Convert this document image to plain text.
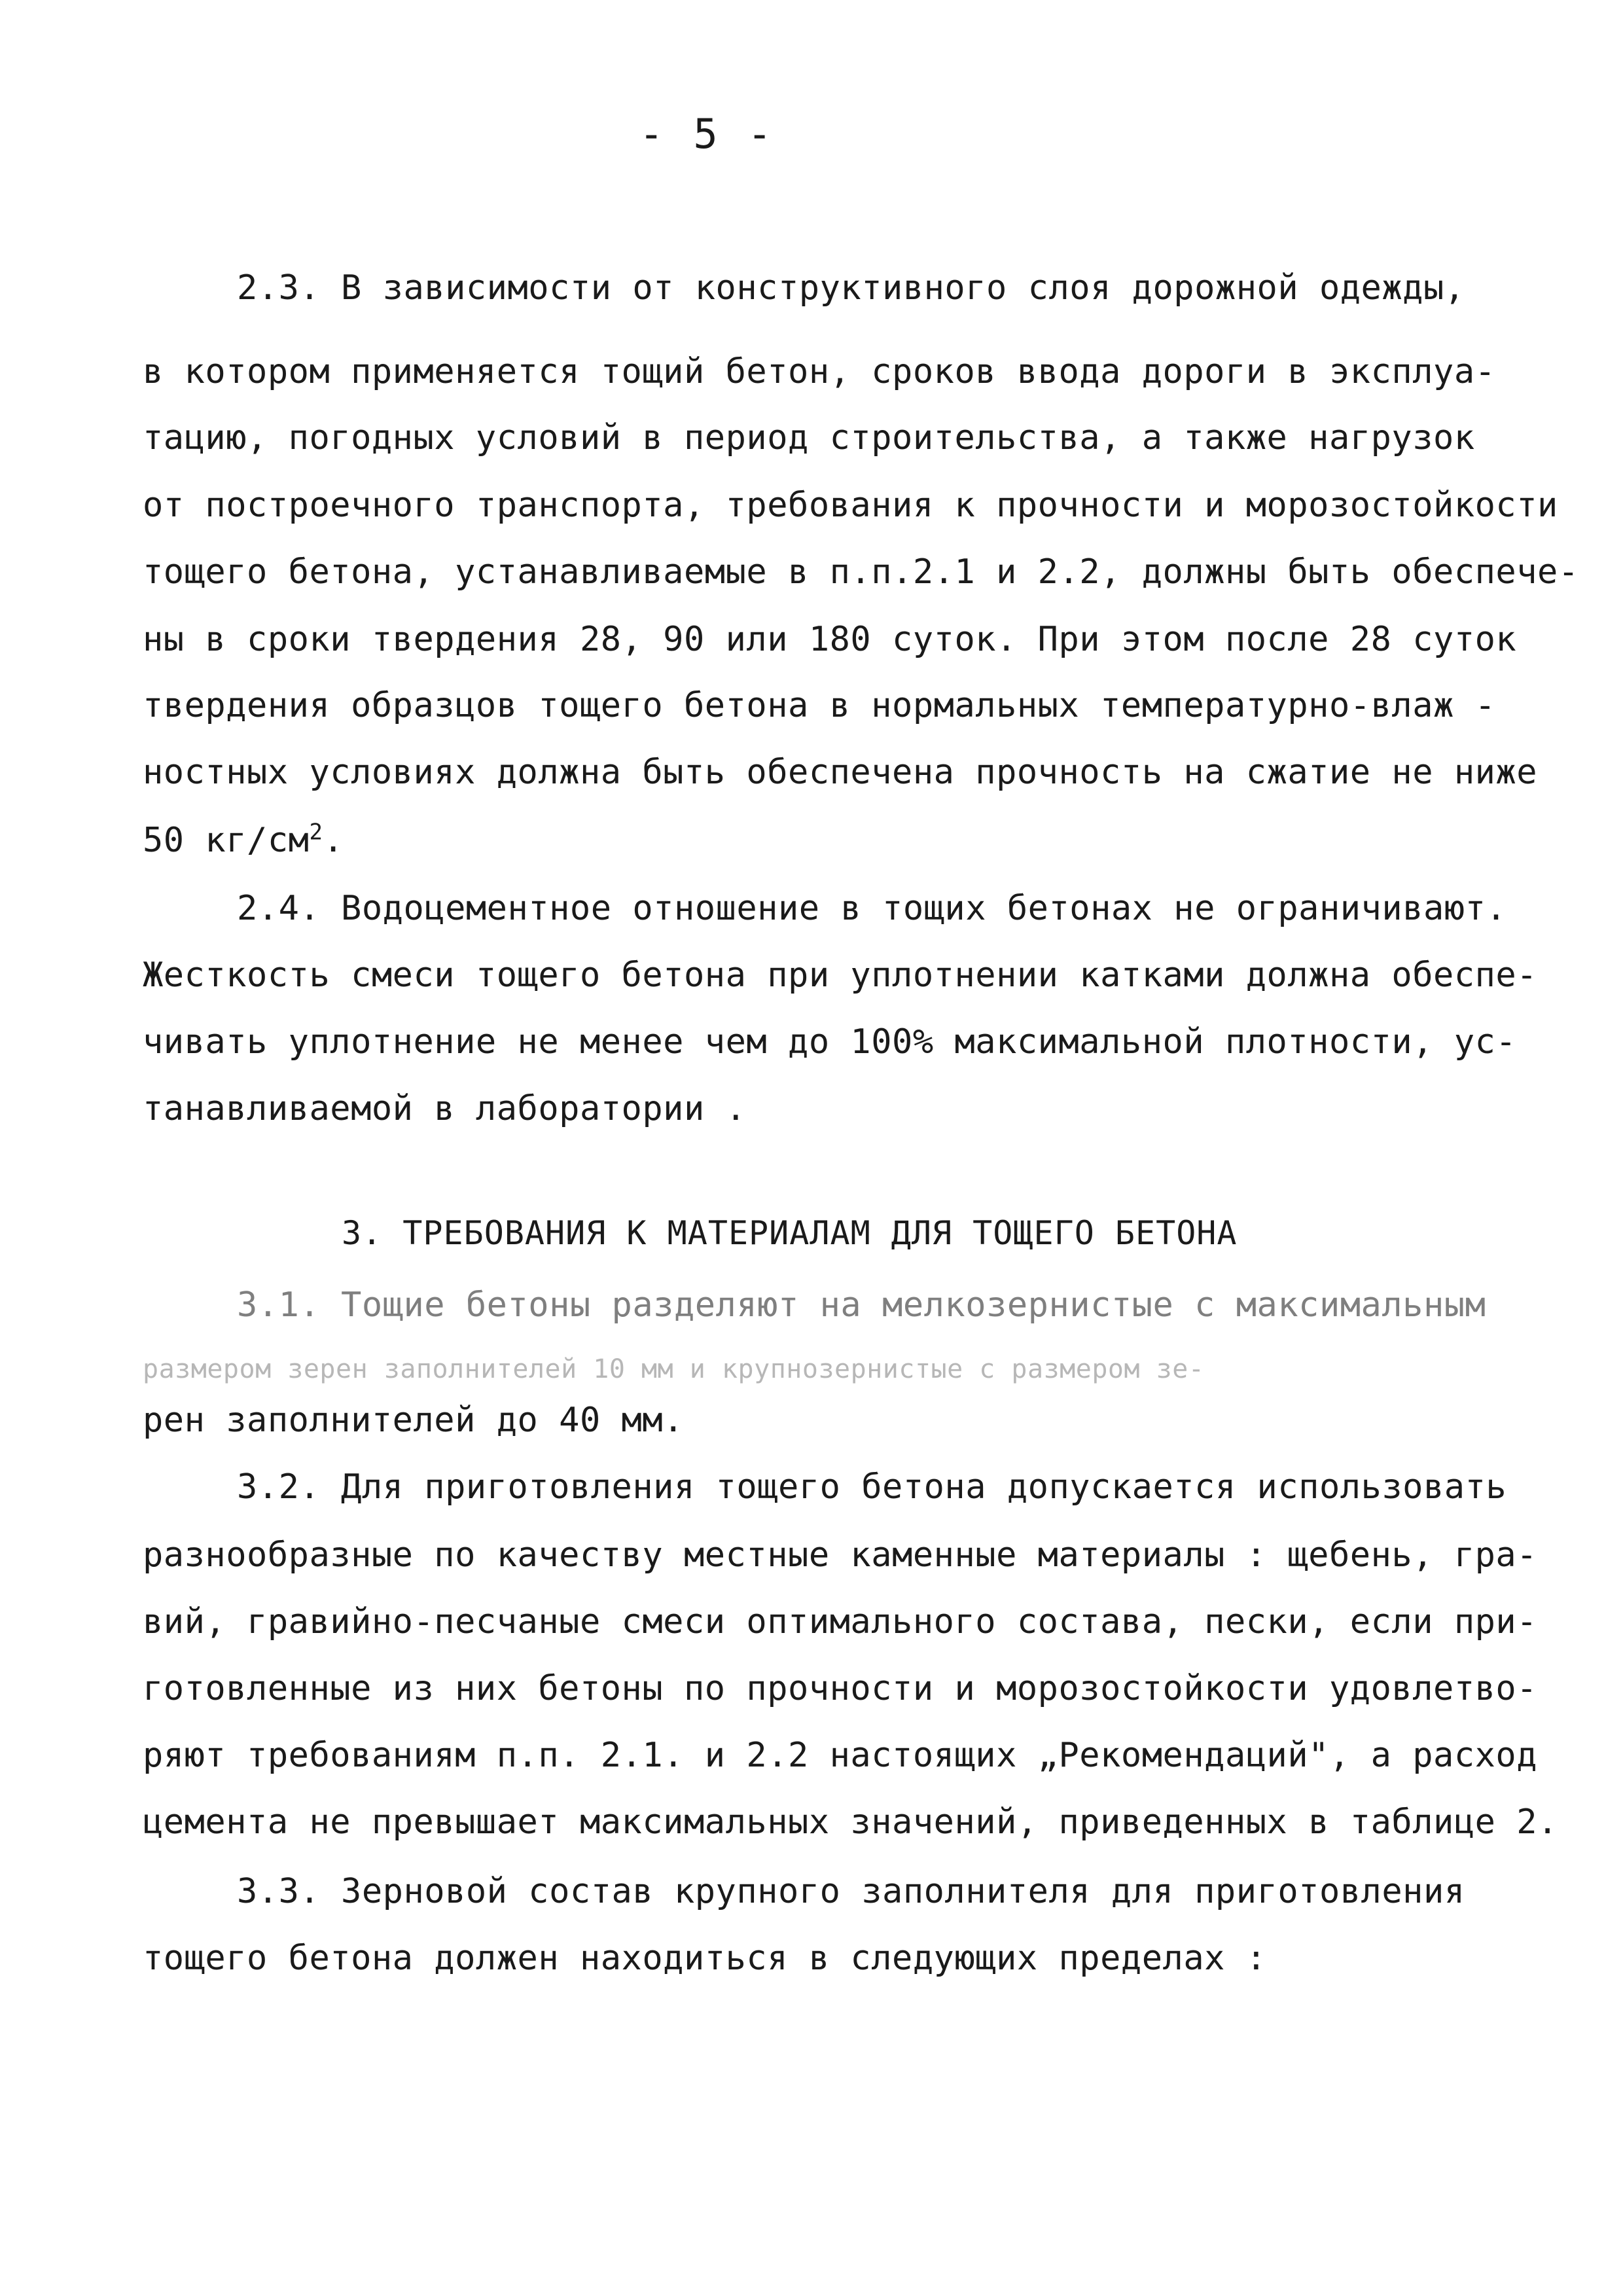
- 5 -
2.3. В зависимости от конструктивного слоя дорожной одежды,
в котором применяется тощий бетон, сроков ввода дороги в эксплуа-
тацию, погодных условий в период строительства, а также нагрузок
от построечного транспорта, требования к прочности и морозостойкости
тощего бетона, устанавливаемые в п.п.2.1 и 2.2, должны быть обеспече-
ны в сроки твердения 28, 90 или 180 суток. При этом после 28 суток
твердения образцов тощего бетона в нормальных температурно-влаж -
ностных условиях должна быть обеспечена прочность на сжатие не ниже
50 $кг/см^2$.
2.4. Водоцементное отношение в тощих бетонах не ограничивают.
Жесткость смеси тощего бетона при уплотнении катками должна обеспе-
чивать уплотнение не менее чем до 100% максимальной плотности, ус-
танавливаемой в лаборатории .
3. ТРЕБОВАНИЯ К МАТЕРИАЛАМ ДЛЯ ТОЩЕГО БЕТОНА
3.1. Тощие бетоны разделяют на мелкозернистые с максимальным
размером зерен заполнителей 10 мм и крупнозернистые с размером зе-
рен заполнителей до 40 мм.
3.2. Для приготовления тощего бетона допускается использовать
разнообразные по качеству местные каменные материалы : щебень, гра-
вий, гравийно-песчаные смеси оптимального состава, пески, если при-
готовленные из них бетоны по прочности и морозостойкости удовлетво-
ряют требованиям п.п. 2.1. и 2.2 настоящих „Рекомендаций", а расход
цемента не превышает максимальных значений, приведенных в таблице 2.
3.3. Зерновой состав крупного заполнителя для приготовления
тощего бетона должен находиться в следующих пределах :
